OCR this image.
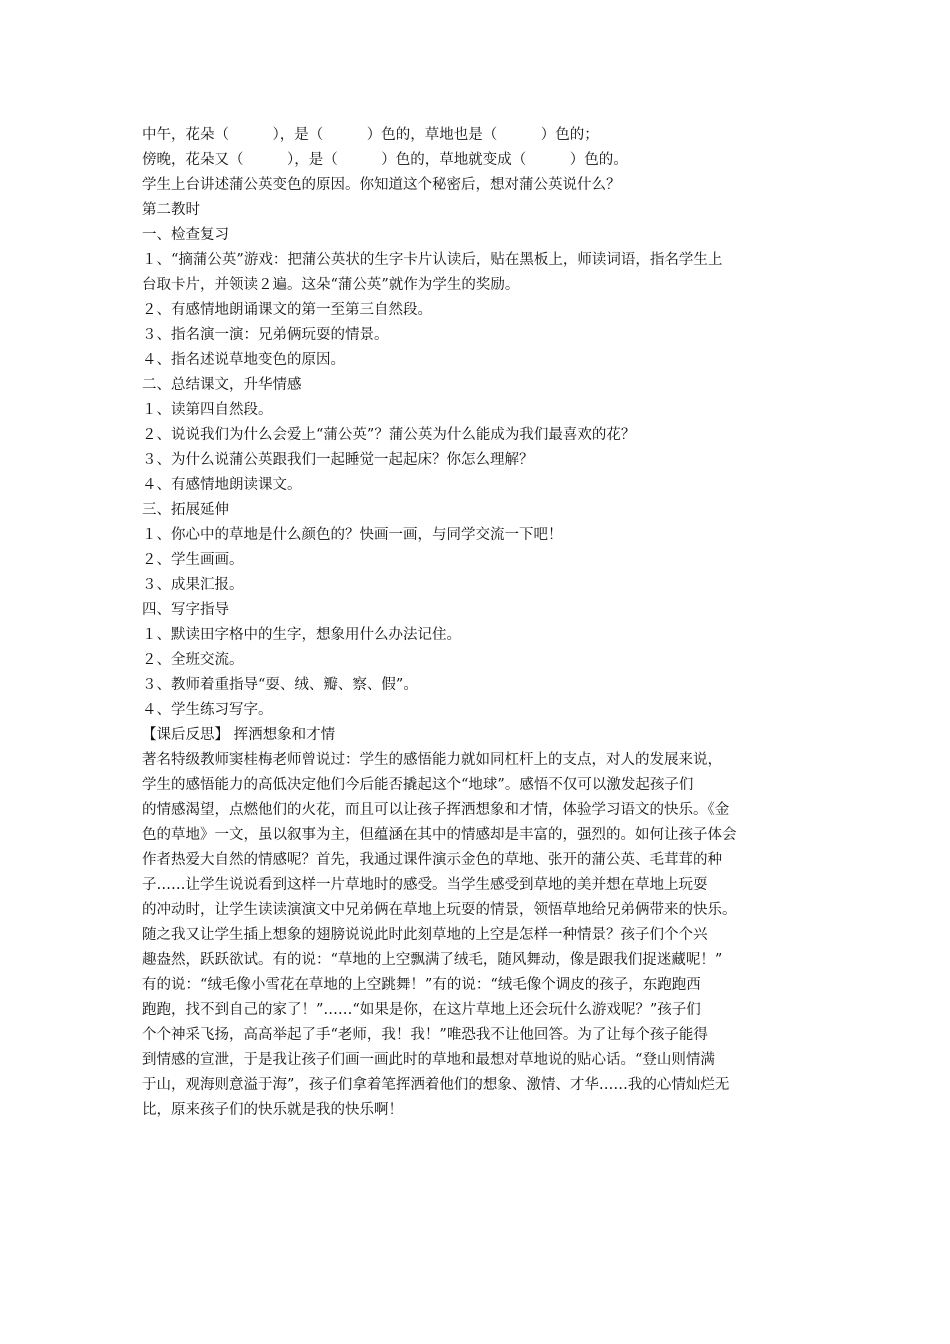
中午，花朵（　　　），是（　　　）色的，草地也是（　　　）色的；
傍晚，花朵又（　　　），是（　　　）色的，草地就变成（　　　）色的。
学生上台讲述蒲公英变色的原因。你知道这个秘密后，想对蒲公英说什么？
第二教时
一、检查复习
１、“摘蒲公英”游戏：把蒲公英状的生字卡片认读后，贴在黑板上，师读词语，指名学生上
台取卡片，并领读２遍。这朵“蒲公英”就作为学生的奖励。
２、有感情地朗诵课文的第一至第三自然段。
３、指名演一演：兄弟俩玩耍的情景。
４、指名述说草地变色的原因。
二、总结课文，升华情感
１、读第四自然段。
２、说说我们为什么会爱上“蒲公英”？蒲公英为什么能成为我们最喜欢的花？
３、为什么说蒲公英跟我们一起睡觉一起起床？你怎么理解？
４、有感情地朗读课文。
三、拓展延伸
１、你心中的草地是什么颜色的？快画一画，与同学交流一下吧！
２、学生画画。
３、成果汇报。
四、写字指导
１、默读田字格中的生字，想象用什么办法记住。
２、全班交流。
３、教师着重指导“耍、绒、瓣、察、假”。
４、学生练习写字。
【课后反思】 挥洒想象和才情
著名特级教师窦桂梅老师曾说过：学生的感悟能力就如同杠杆上的支点，对人的发展来说，
学生的感悟能力的高低决定他们今后能否撬起这个“地球”。感悟不仅可以激发起孩子们
的情感渴望，点燃他们的火花，而且可以让孩子挥洒想象和才情，体验学习语文的快乐。《金
色的草地》一文，虽以叙事为主，但蕴涵在其中的情感却是丰富的，强烈的。如何让孩子体会
作者热爱大自然的情感呢？首先，我通过课件演示金色的草地、张开的蒲公英、毛茸茸的种
子……让学生说说看到这样一片草地时的感受。当学生感受到草地的美并想在草地上玩耍
的冲动时，让学生读读演演文中兄弟俩在草地上玩耍的情景，领悟草地给兄弟俩带来的快乐。
随之我又让学生插上想象的翅膀说说此时此刻草地的上空是怎样一种情景？孩子们个个兴
趣盎然，跃跃欲试。有的说：“草地的上空飘满了绒毛，随风舞动，像是跟我们捉迷藏呢！”
有的说：“绒毛像小雪花在草地的上空跳舞！”有的说：“绒毛像个调皮的孩子，东跑跑西
跑跑，找不到自己的家了！”……“如果是你，在这片草地上还会玩什么游戏呢？”孩子们
个个神采飞扬，高高举起了手“老师，我！我！”唯恐我不让他回答。为了让每个孩子能得
到情感的宣泄，于是我让孩子们画一画此时的草地和最想对草地说的贴心话。“登山则情满
于山，观海则意溢于海”，孩子们拿着笔挥洒着他们的想象、激情、才华……我的心情灿烂无
比，原来孩子们的快乐就是我的快乐啊！
